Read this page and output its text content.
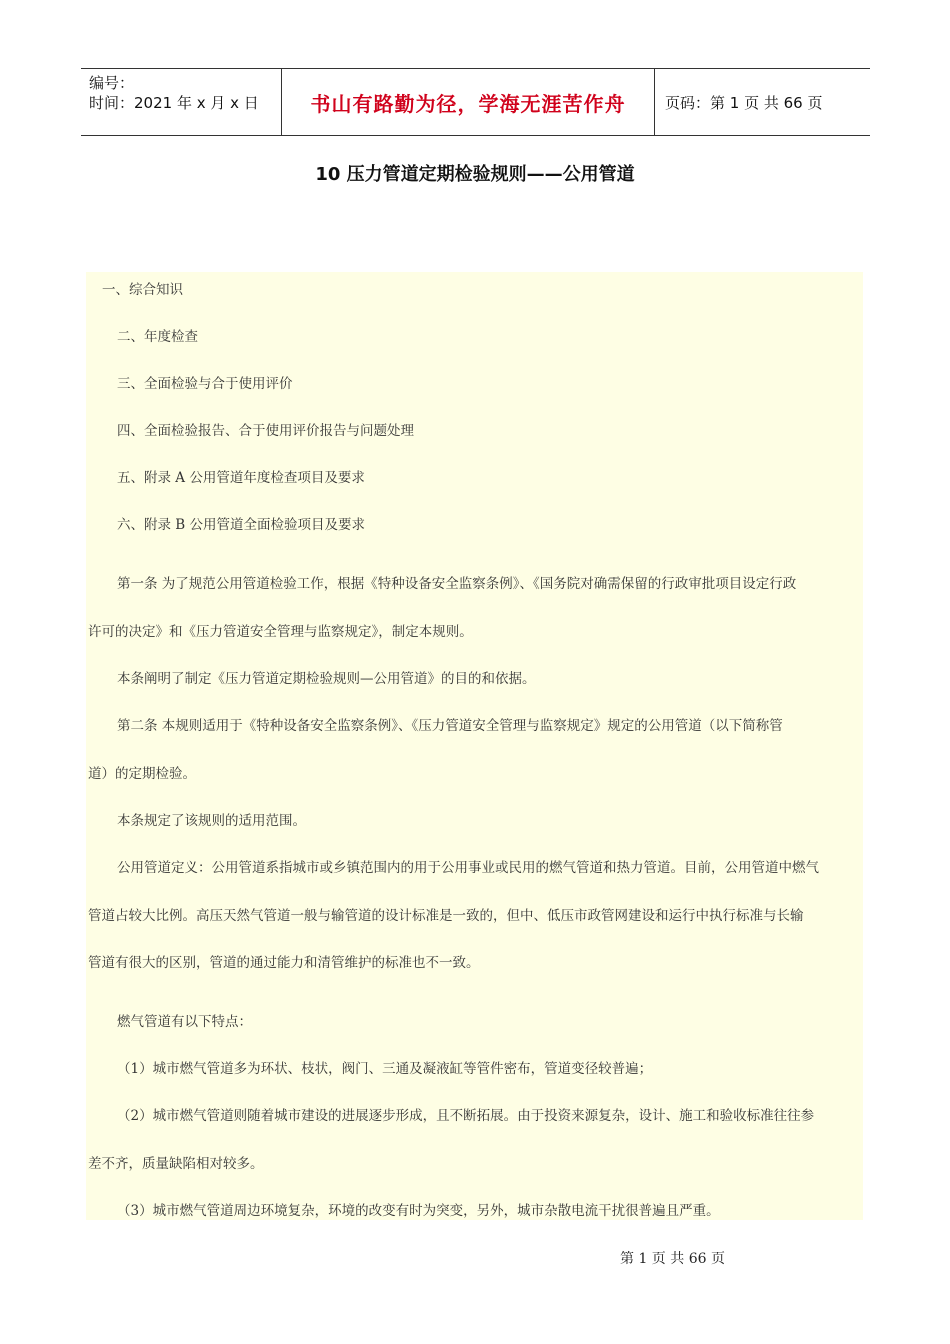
编号：
时间：2021 年 x 月 x 日	书山有路勤为径，学海无涯苦作舟	页码：第 1 页 共 66 页
10 压力管道定期检验规则——公用管道
一、综合知识
二、年度检查
三、全面检验与合于使用评价
四、全面检验报告、合于使用评价报告与问题处理
五、附录 A 公用管道年度检查项目及要求
六、附录 B 公用管道全面检验项目及要求
第一条 为了规范公用管道检验工作，根据《特种设备安全监察条例》、《国务院对确需保留的行政审批项目设定行政
许可的决定》和《压力管道安全管理与监察规定》，制定本规则。
本条阐明了制定《压力管道定期检验规则—公用管道》的目的和依据。
第二条 本规则适用于《特种设备安全监察条例》、《压力管道安全管理与监察规定》规定的公用管道（以下简称管
道）的定期检验。
本条规定了该规则的适用范围。
公用管道定义：公用管道系指城市或乡镇范围内的用于公用事业或民用的燃气管道和热力管道。目前，公用管道中燃气
管道占较大比例。高压天然气管道一般与输管道的设计标准是一致的，但中、低压市政管网建设和运行中执行标准与长输
管道有很大的区别，管道的通过能力和清管维护的标准也不一致。
燃气管道有以下特点：
（1）城市燃气管道多为环状、枝状，阀门、三通及凝液缸等管件密布，管道变径较普遍；
（2）城市燃气管道则随着城市建设的进展逐步形成，且不断拓展。由于投资来源复杂，设计、施工和验收标准往往参
差不齐，质量缺陷相对较多。
（3）城市燃气管道周边环境复杂，环境的改变有时为突变，另外，城市杂散电流干扰很普遍且严重。
第 1 页 共 66 页
